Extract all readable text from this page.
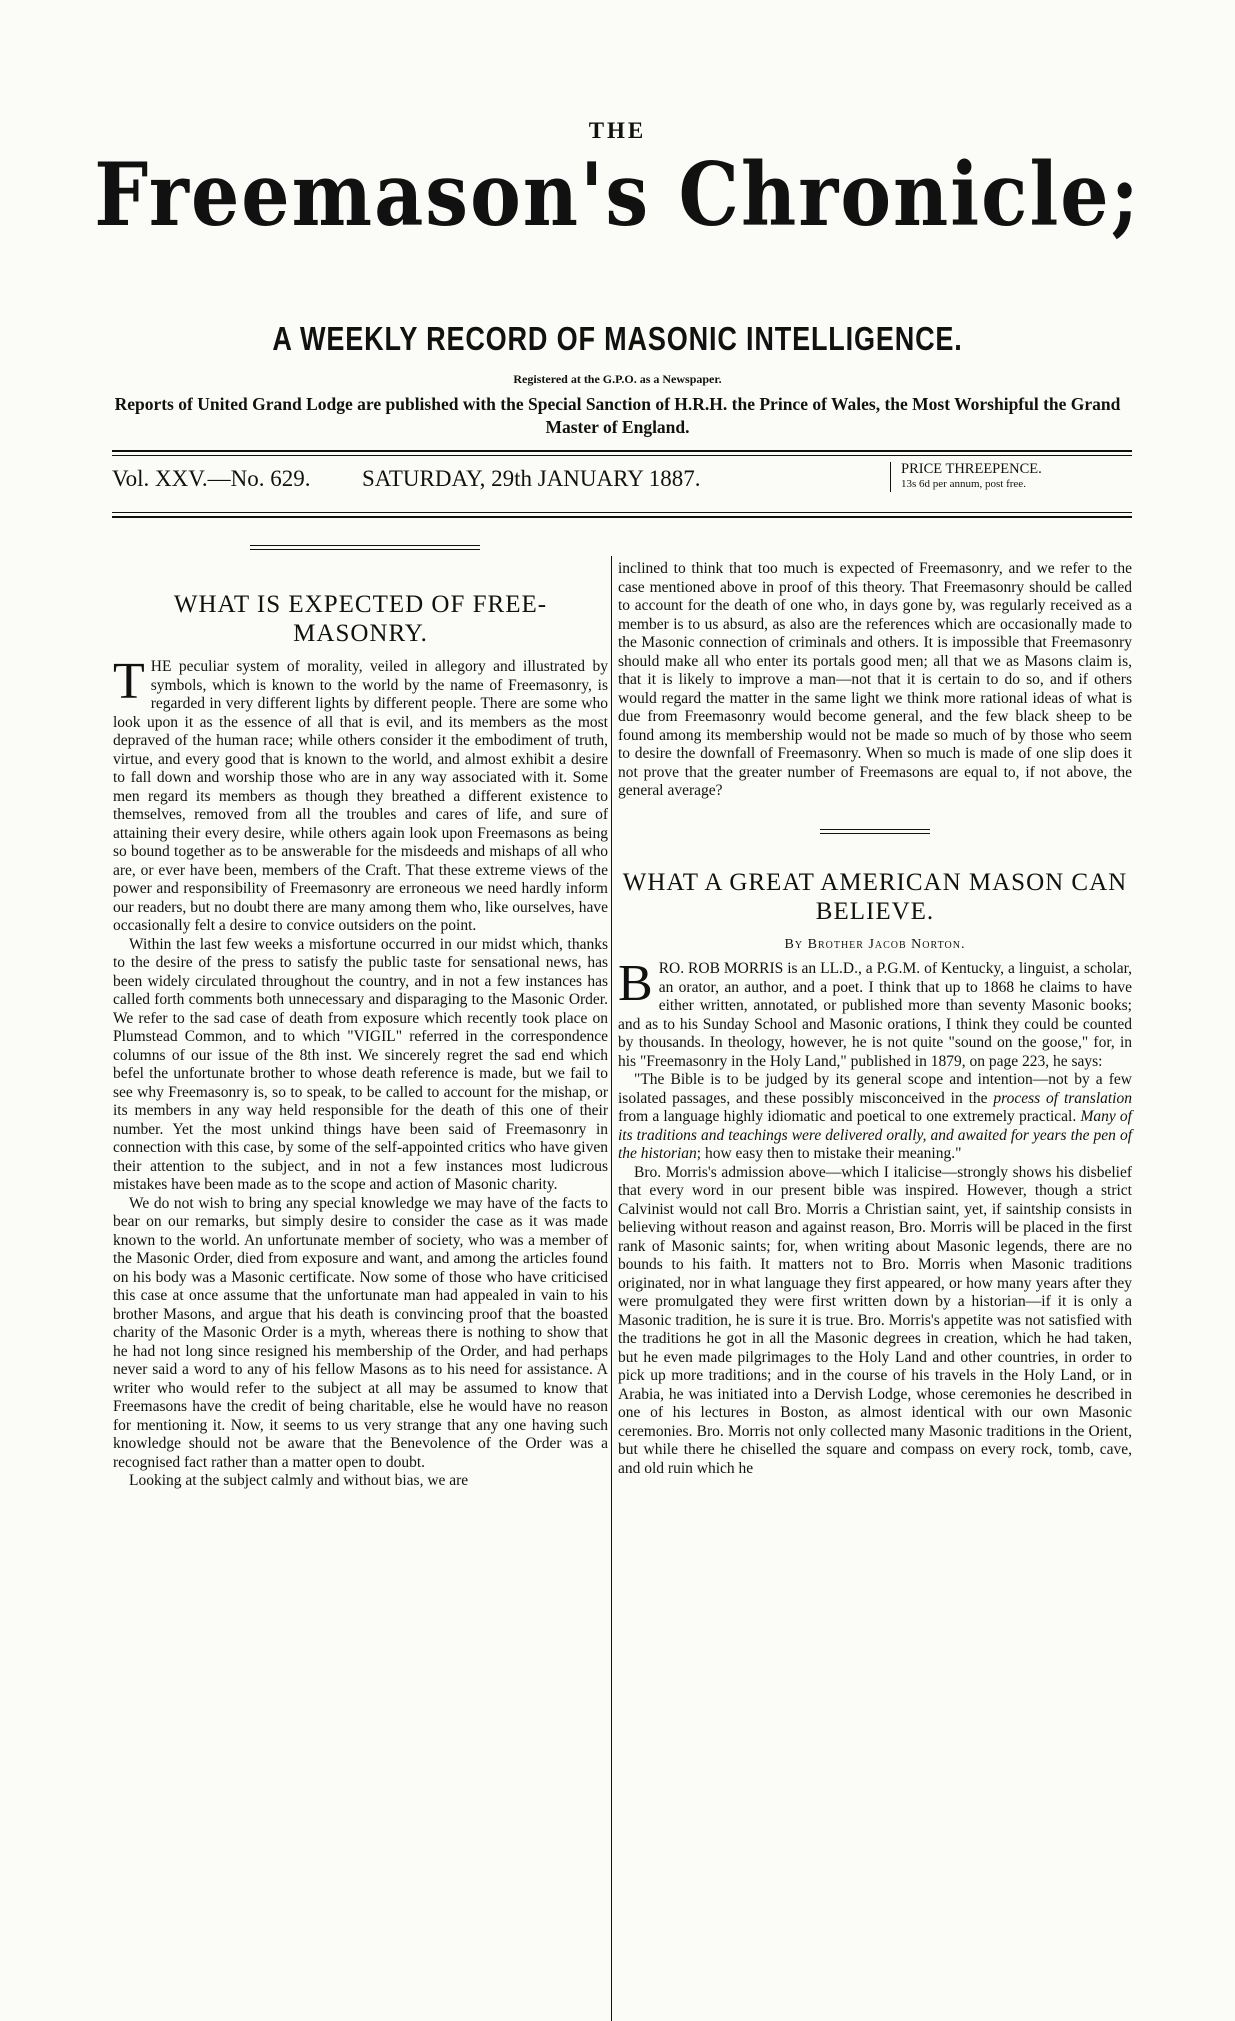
THE
Freemason's Chronicle;
A WEEKLY RECORD OF MASONIC INTELLIGENCE.
Registered at the G.P.O. as a Newspaper.
Reports of United Grand Lodge are published with the Special Sanction of H.R.H. the Prince of Wales, the Most Worshipful the Grand Master of England.
Vol. XXV.—No. 629. SATURDAY, 29th JANUARY 1887.	PRICE THREEPENCE.
13s 6d per annum, post free.
WHAT IS EXPECTED OF FREE-MASONRY.

THE peculiar system of morality, veiled in allegory and illustrated by symbols, which is known to the world by the name of Freemasonry, is regarded in very different lights by different people. There are some who look upon it as the essence of all that is evil, and its members as the most depraved of the human race; while others consider it the embodiment of truth, virtue, and every good that is known to the world, and almost exhibit a desire to fall down and worship those who are in any way associated with it. Some men regard its members as though they breathed a different existence to themselves, removed from all the troubles and cares of life, and sure of attaining their every desire, while others again look upon Freemasons as being so bound together as to be answerable for the misdeeds and mishaps of all who are, or ever have been, members of the Craft. That these extreme views of the power and responsibility of Freemasonry are erroneous we need hardly inform our readers, but no doubt there are many among them who, like ourselves, have occasionally felt a desire to convice outsiders on the point.

Within the last few weeks a misfortune occurred in our midst which, thanks to the desire of the press to satisfy the public taste for sensational news, has been widely circulated throughout the country, and in not a few instances has called forth comments both unnecessary and disparaging to the Masonic Order. We refer to the sad case of death from exposure which recently took place on Plumstead Common, and to which "VIGIL" referred in the correspondence columns of our issue of the 8th inst. We sincerely regret the sad end which befel the unfortunate brother to whose death reference is made, but we fail to see why Freemasonry is, so to speak, to be called to account for the mishap, or its members in any way held responsible for the death of this one of their number. Yet the most unkind things have been said of Freemasonry in connection with this case, by some of the self-appointed critics who have given their attention to the subject, and in not a few instances most ludicrous mistakes have been made as to the scope and action of Masonic charity.

We do not wish to bring any special knowledge we may have of the facts to bear on our remarks, but simply desire to consider the case as it was made known to the world. An unfortunate member of society, who was a member of the Masonic Order, died from exposure and want, and among the articles found on his body was a Masonic certificate. Now some of those who have criticised this case at once assume that the unfortunate man had appealed in vain to his brother Masons, and argue that his death is convincing proof that the boasted charity of the Masonic Order is a myth, whereas there is nothing to show that he had not long since resigned his membership of the Order, and had perhaps never said a word to any of his fellow Masons as to his need for assistance. A writer who would refer to the subject at all may be assumed to know that Freemasons have the credit of being charitable, else he would have no reason for mentioning it. Now, it seems to us very strange that any one having such knowledge should not be aware that the Benevolence of the Order was a recognised fact rather than a matter open to doubt.

Looking at the subject calmly and without bias, we are

inclined to think that too much is expected of Freemasonry, and we refer to the case mentioned above in proof of this theory. That Freemasonry should be called to account for the death of one who, in days gone by, was regularly received as a member is to us absurd, as also are the references which are occasionally made to the Masonic connection of criminals and others. It is impossible that Freemasonry should make all who enter its portals good men; all that we as Masons claim is, that it is likely to improve a man—not that it is certain to do so, and if others would regard the matter in the same light we think more rational ideas of what is due from Freemasonry would become general, and the few black sheep to be found among its membership would not be made so much of by those who seem to desire the downfall of Freemasonry. When so much is made of one slip does it not prove that the greater number of Freemasons are equal to, if not above, the general average?

WHAT A GREAT AMERICAN MASON CAN BELIEVE.
By Brother Jacob Norton.

BRO. ROB MORRIS is an LL.D., a P.G.M. of Kentucky, a linguist, a scholar, an orator, an author, and a poet. I think that up to 1868 he claims to have either written, annotated, or published more than seventy Masonic books; and as to his Sunday School and Masonic orations, I think they could be counted by thousands. In theology, however, he is not quite "sound on the goose," for, in his "Freemasonry in the Holy Land," published in 1879, on page 223, he says:

"The Bible is to be judged by its general scope and intention—not by a few isolated passages, and these possibly misconceived in the process of translation from a language highly idiomatic and poetical to one extremely practical. Many of its traditions and teachings were delivered orally, and awaited for years the pen of the historian; how easy then to mistake their meaning."

Bro. Morris's admission above—which I italicise—strongly shows his disbelief that every word in our present bible was inspired. However, though a strict Calvinist would not call Bro. Morris a Christian saint, yet, if saintship consists in believing without reason and against reason, Bro. Morris will be placed in the first rank of Masonic saints; for, when writing about Masonic legends, there are no bounds to his faith. It matters not to Bro. Morris when Masonic traditions originated, nor in what language they first appeared, or how many years after they were promulgated they were first written down by a historian—if it is only a Masonic tradition, he is sure it is true. Bro. Morris's appetite was not satisfied with the traditions he got in all the Masonic degrees in creation, which he had taken, but he even made pilgrimages to the Holy Land and other countries, in order to pick up more traditions; and in the course of his travels in the Holy Land, or in Arabia, he was initiated into a Dervish Lodge, whose ceremonies he described in one of his lectures in Boston, as almost identical with our own Masonic ceremonies. Bro. Morris not only collected many Masonic traditions in the Orient, but while there he chiselled the square and compass on every rock, tomb, cave, and old ruin which he
